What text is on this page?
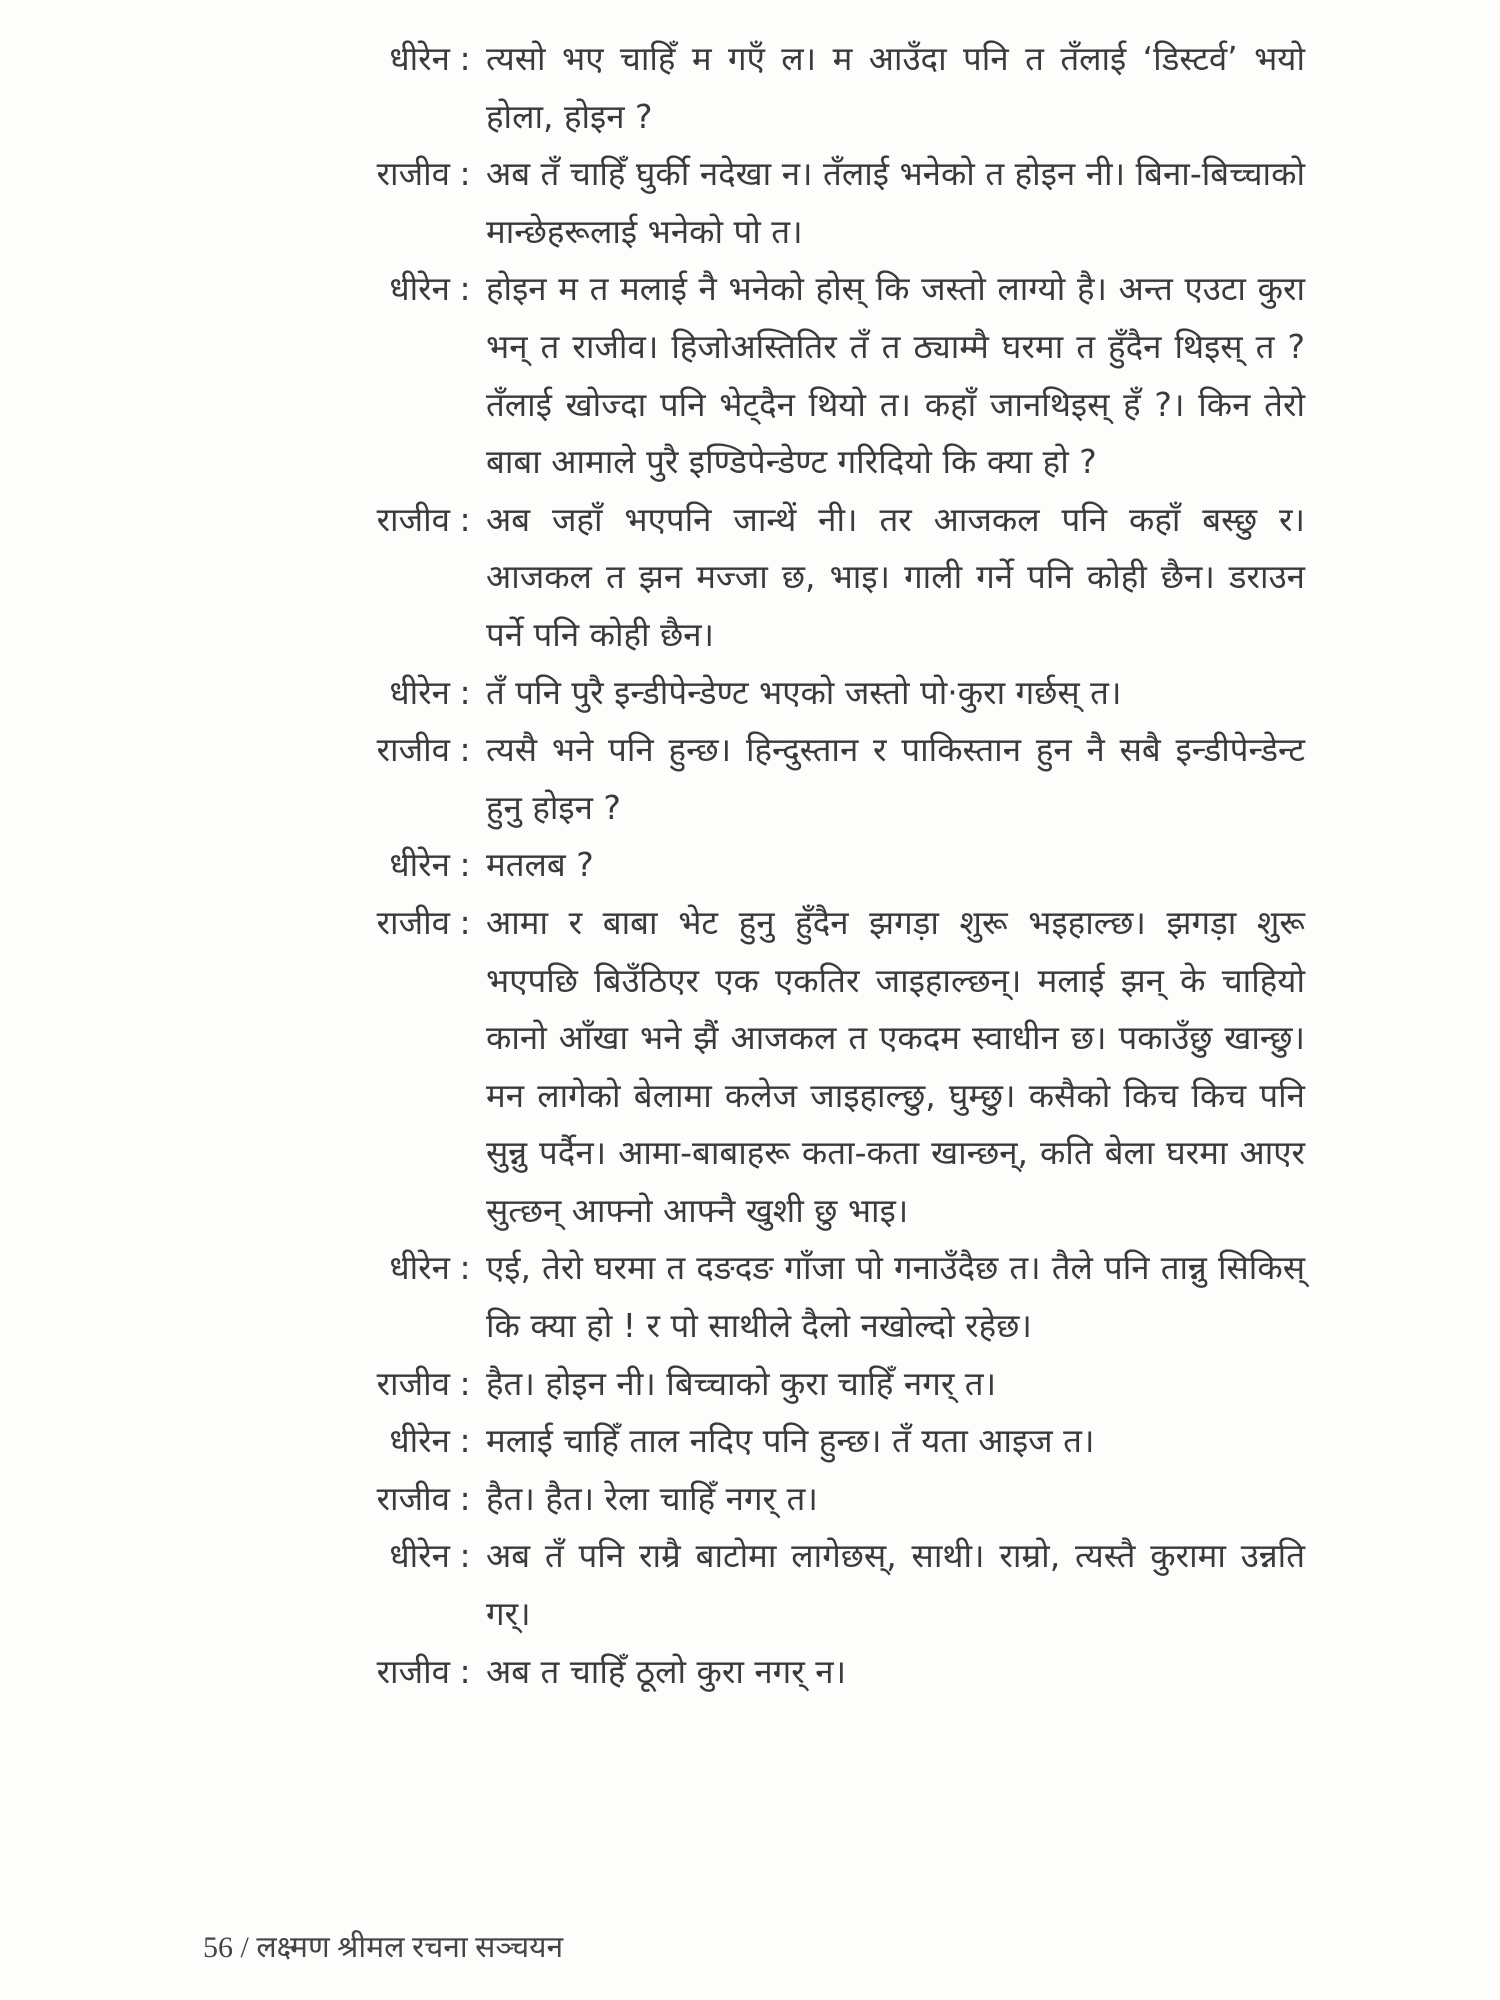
धीरेन : त्यसो भए चाहिँ म गएँ ल। म आउँदा पनि त तँलाई ‘डिस्टर्व’ भयो होला, होइन ?
राजीव : अब तँ चाहिँ घुर्की नदेखा न। तँलाई भनेको त होइन नी। बिना-बिच्चाको मान्छेहरूलाई भनेको पो त।
धीरेन : होइन म त मलाई नै भनेको होस् कि जस्तो लाग्यो है। अन्त एउटा कुरा भन् त राजीव। हिजोअस्तितिर तँ त ठ्याम्मै घरमा त हुँदैन थिइस् त ? तँलाई खोज्दा पनि भेट्दैन थियो त। कहाँ जानथिइस् हँ ?। किन तेरो बाबा आमाले पुरै इण्डिपेन्डेण्ट गरिदियो कि क्या हो ?
राजीव : अब जहाँ भएपनि जान्थें नी। तर आजकल पनि कहाँ बस्छु र। आजकल त झन मज्जा छ, भाइ। गाली गर्ने पनि कोही छैन। डराउन पर्ने पनि कोही छैन।
धीरेन : तँ पनि पुरै इन्डीपेन्डेण्ट भएको जस्तो पो·कुरा गर्छस् त।
राजीव : त्यसै भने पनि हुन्छ। हिन्दुस्तान र पाकिस्तान हुन नै सबै इन्डीपेन्डेन्ट हुनु होइन ?
धीरेन : मतलब ?
राजीव : आमा र बाबा भेट हुनु हुँदैन झगड़ा शुरू भइहाल्छ। झगड़ा शुरू भएपछि बिउँठिएर एक एकतिर जाइहाल्छन्। मलाई झन् के चाहियो कानो आँखा भने झैं आजकल त एकदम स्वाधीन छ। पकाउँछु खान्छु। मन लागेको बेलामा कलेज जाइहाल्छु, घुम्छु। कसैको किच किच पनि सुन्नु पर्दैन। आमा-बाबाहरू कता-कता खान्छन्, कति बेला घरमा आएर सुत्छन् आफ्नो आफ्नै खुशी छु भाइ।
धीरेन : एई, तेरो घरमा त दङदङ गाँजा पो गनाउँदैछ त। तैले पनि तान्नु सिकिस् कि क्या हो ! र पो साथीले दैलो नखोल्दो रहेछ।
राजीव : हैत। होइन नी। बिच्चाको कुरा चाहिँ नगर् त।
धीरेन : मलाई चाहिँ ताल नदिए पनि हुन्छ। तँ यता आइज त।
राजीव : हैत। हैत। रेला चाहिँ नगर् त।
धीरेन : अब तँ पनि राम्रै बाटोमा लागेछस्, साथी। राम्रो, त्यस्तै कुरामा उन्नति गर्।
राजीव : अब त चाहिँ ठूलो कुरा नगर् न।
56 / लक्ष्मण श्रीमल रचना सञ्चयन
